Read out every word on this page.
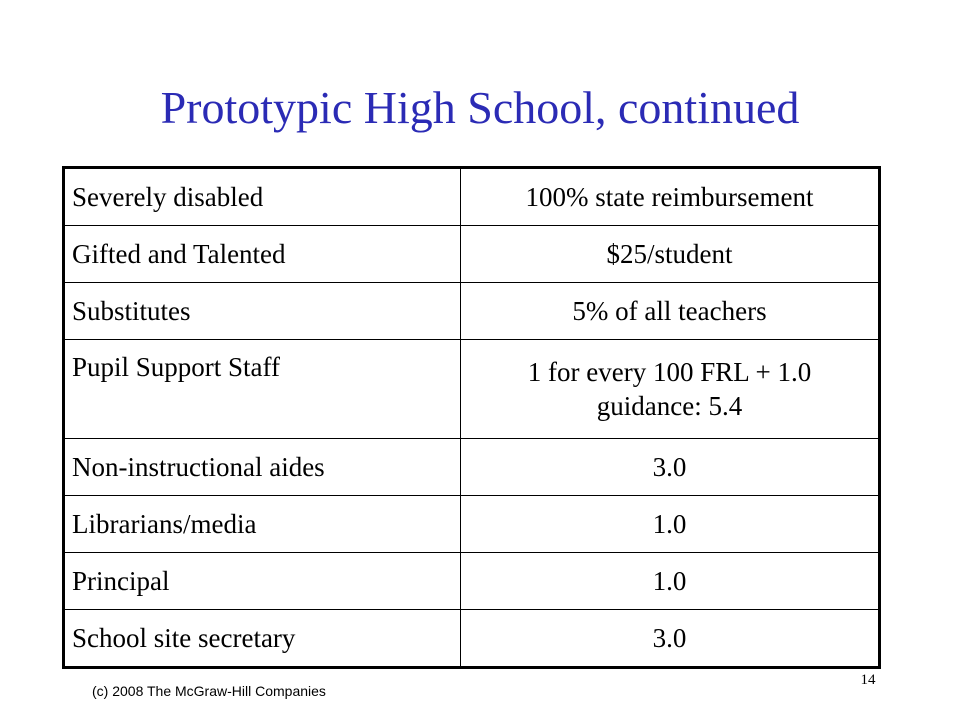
Prototypic High School, continued
Severely disabled	100% state reimbursement

Gifted and Talented	$25/student

Substitutes	5% of all teachers

Pupil Support Staff	1 for every 100 FRL + 1.0
guidance: 5.4

Non-instructional aides	3.0

Librarians/media	1.0

Principal	1.0

School site secretary	3.0
(c) 2008 The McGraw-Hill Companies
14
